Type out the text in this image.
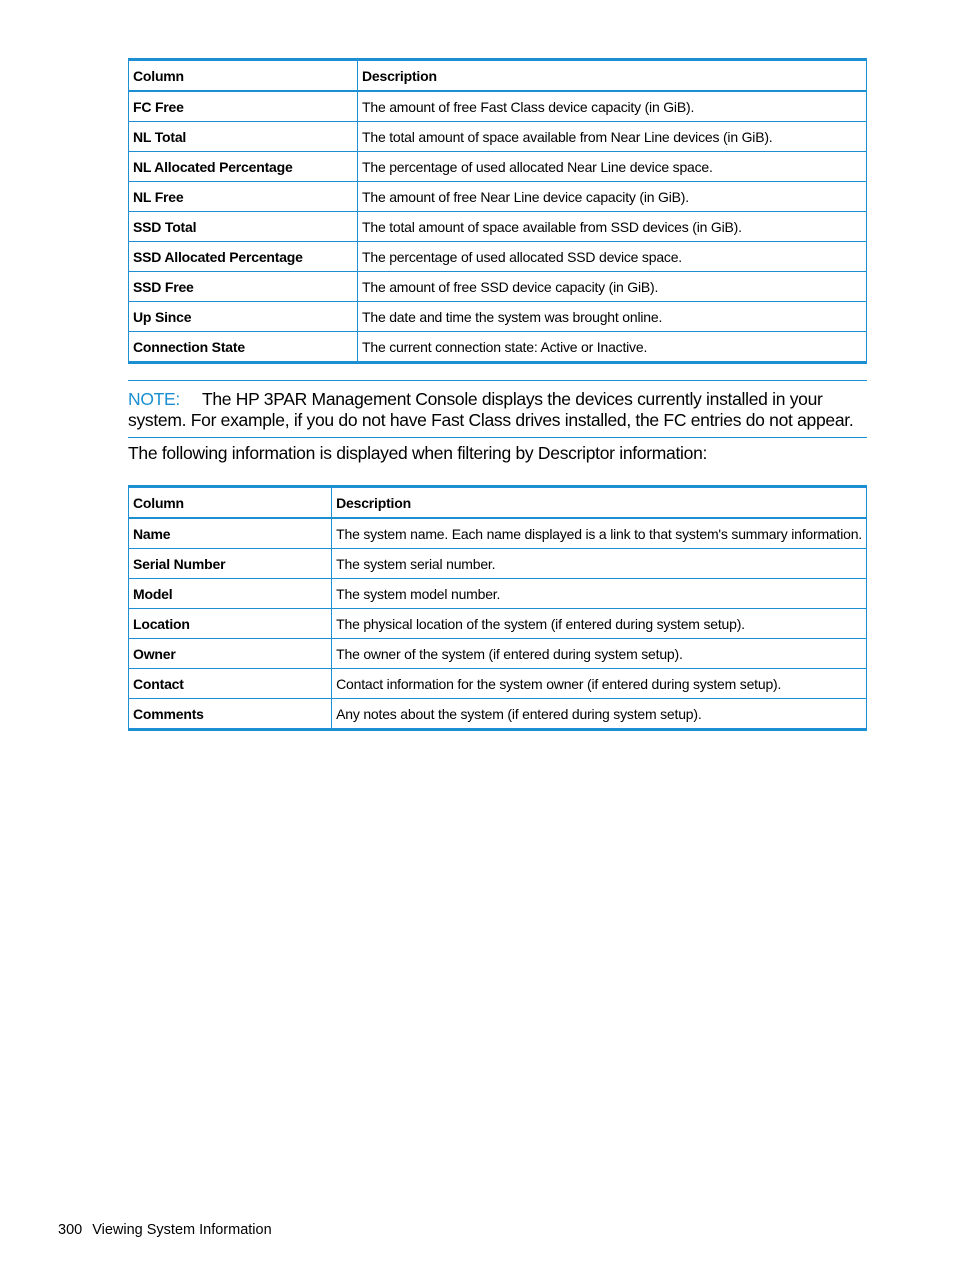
Column	Description
FC Free	The amount of free Fast Class device capacity (in GiB).
NL Total	The total amount of space available from Near Line devices (in GiB).
NL Allocated Percentage	The percentage of used allocated Near Line device space.
NL Free	The amount of free Near Line device capacity (in GiB).
SSD Total	The total amount of space available from SSD devices (in GiB).
SSD Allocated Percentage	The percentage of used allocated SSD device space.
SSD Free	The amount of free SSD device capacity (in GiB).
Up Since	The date and time the system was brought online.
Connection State	The current connection state: Active or Inactive.
NOTE: The HP 3PAR Management Console displays the devices currently installed in your system. For example, if you do not have Fast Class drives installed, the FC entries do not appear.
The following information is displayed when filtering by Descriptor information:
Column	Description
Name	The system name. Each name displayed is a link to that system's summary information.
Serial Number	The system serial number.
Model	The system model number.
Location	The physical location of the system (if entered during system setup).
Owner	The owner of the system (if entered during system setup).
Contact	Contact information for the system owner (if entered during system setup).
Comments	Any notes about the system (if entered during system setup).
300 Viewing System Information
